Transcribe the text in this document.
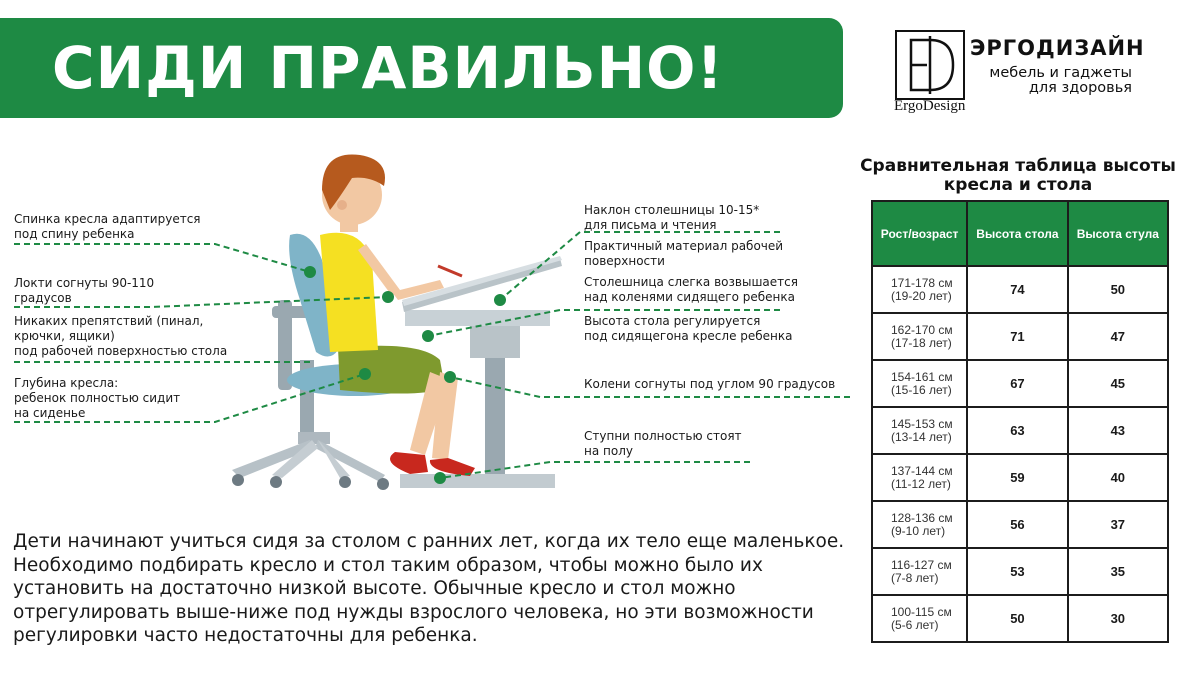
СИДИ ПРАВИЛЬНО!
ErgoDesign
ЭРГОДИЗАЙН
мебель и гаджеты для здоровья
Спинка кресла адаптируется
под спину ребенка
Локти согнуты 90-110
градусов
Никаких препятствий (пинал,
крючки, ящики)
под рабочей поверхностью стола
Глубина кресла:
ребенок полностью сидит
на сиденье
Наклон столешницы 10-15*
для письма и чтения
Практичный материал рабочей
поверхности
Столешница слегка возвышается
над коленями сидящего ребенка
Высота стола регулируется
под сидящегона кресле ребенка
Колени согнуты под углом 90 градусов
Ступни полностью стоят
на полу
Дети начинают учиться сидя за столом с ранних лет, когда их тело еще маленькое. Необходимо подбирать кресло и стол таким образом, чтобы можно было их установить на достаточно низкой высоте. Обычные кресло и стол можно отрегулировать выше-ниже под нужды взрослого человека, но эти возможности регулировки часто недостаточны для ребенка.
Сравнительная таблица высоты кресла и стола
Рост/возраст	Высота стола	Высота стула
171-178 см
(19-20 лет)	74	50
162-170 см
(17-18 лет)	71	47
154-161 см
(15-16 лет)	67	45
145-153 см
(13-14 лет)	63	43
137-144 см
(11-12 лет)	59	40
128-136 см
(9-10 лет)	56	37
116-127 см
(7-8 лет)	53	35
100-115 см
(5-6 лет)	50	30
